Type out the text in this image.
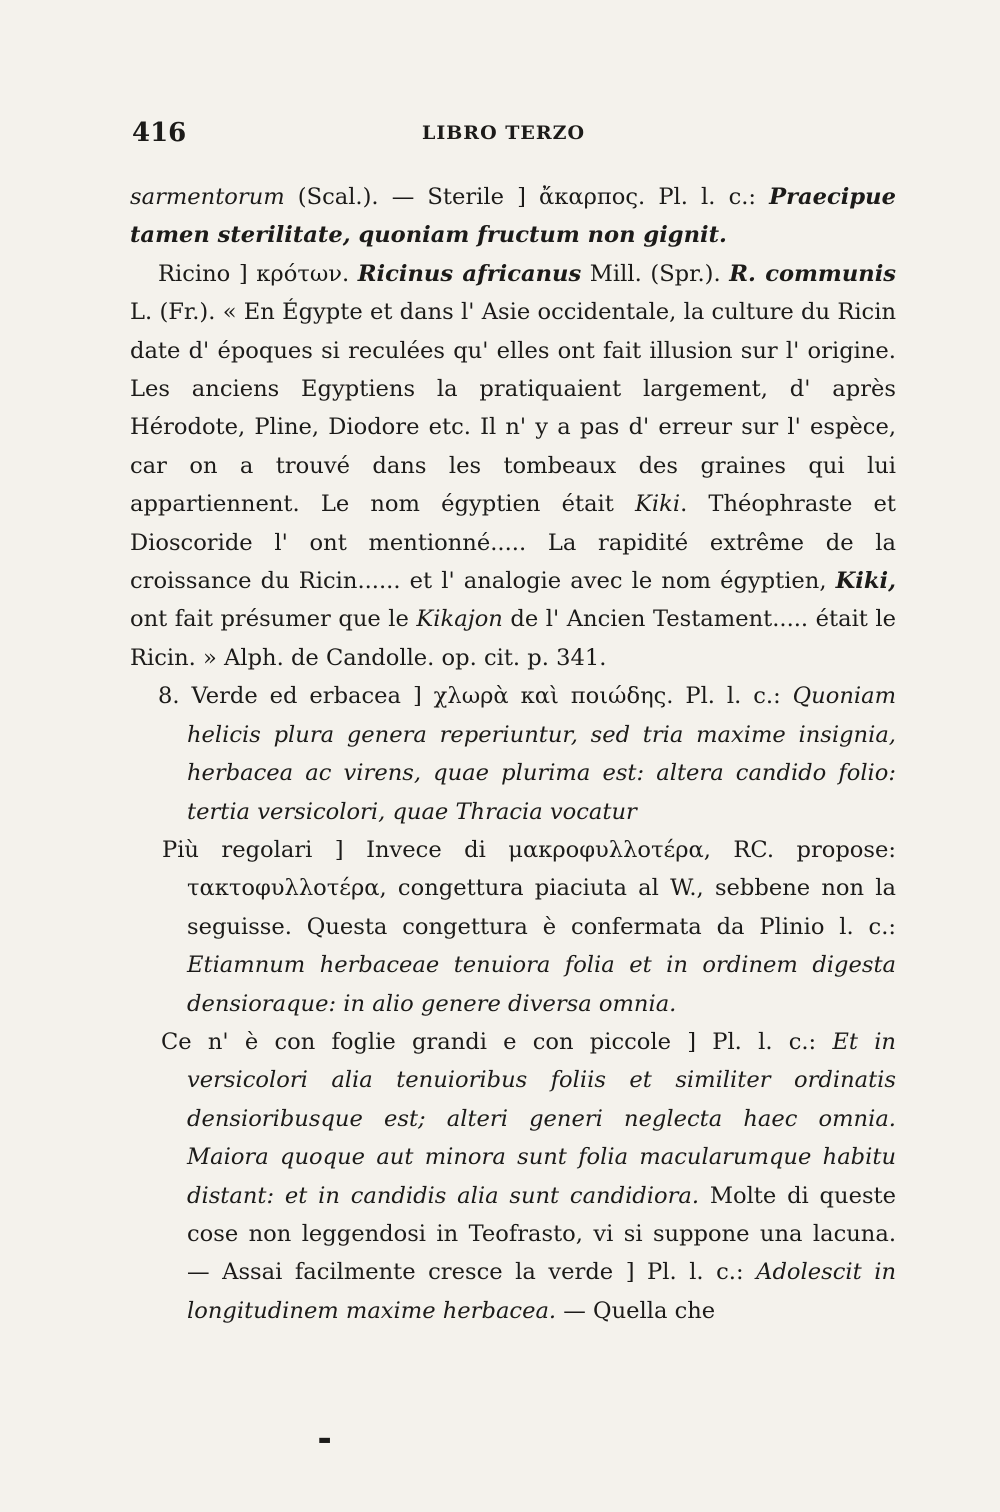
416	LIBRO TERZO
sarmentorum (Scal.). — Sterile ] ἄκαρπος. Pl. l. c.: Praecipue tamen sterilitate, quoniam fructum non gignit.
Ricino ] κρότων. Ricinus africanus Mill. (Spr.). R. communis L. (Fr.). « En Égypte et dans l' Asie occidentale, la culture du Ricin date d' époques si reculées qu' elles ont fait illusion sur l' origine. Les anciens Egyptiens la pratiquaient largement, d' après Hérodote, Pline, Diodore etc. Il n' y a pas d' erreur sur l' espèce, car on a trouvé dans les tombeaux des graines qui lui appartiennent. Le nom égyptien était Kiki. Théophraste et Dioscoride l' ont mentionné..... La rapidité extrême de la croissance du Ricin...... et l' analogie avec le nom égyptien, Kiki, ont fait présumer que le Kikajon de l' Ancien Testament..... était le Ricin. » Alph. de Candolle. op. cit. p. 341.
8. Verde ed erbacea ] χλωρὰ καὶ ποιώδης. Pl. l. c.: Quoniam helicis plura genera reperiuntur, sed tria maxime insignia, herbacea ac virens, quae plurima est: altera candido folio: tertia versicolori, quae Thracia vocatur
Più regolari ] Invece di μακροφυλλοτέρα, RC. propose: τακτοφυλλοτέρα, congettura piaciuta al W., sebbene non la seguisse. Questa congettura è confermata da Plinio l. c.: Etiamnum herbaceae tenuiora folia et in ordinem digesta densioraque: in alio genere diversa omnia.
Ce n' è con foglie grandi e con piccole ] Pl. l. c.: Et in versicolori alia tenuioribus foliis et similiter ordinatis densioribusque est; alteri generi neglecta haec omnia. Maiora quoque aut minora sunt folia macularumque habitu distant: et in candidis alia sunt candidiora. Molte di queste cose non leggendosi in Teofrasto, vi si suppone una lacuna. — Assai facilmente cresce la verde ] Pl. l. c.: Adolescit in longitudinem maxime herbacea. — Quella che
▬
